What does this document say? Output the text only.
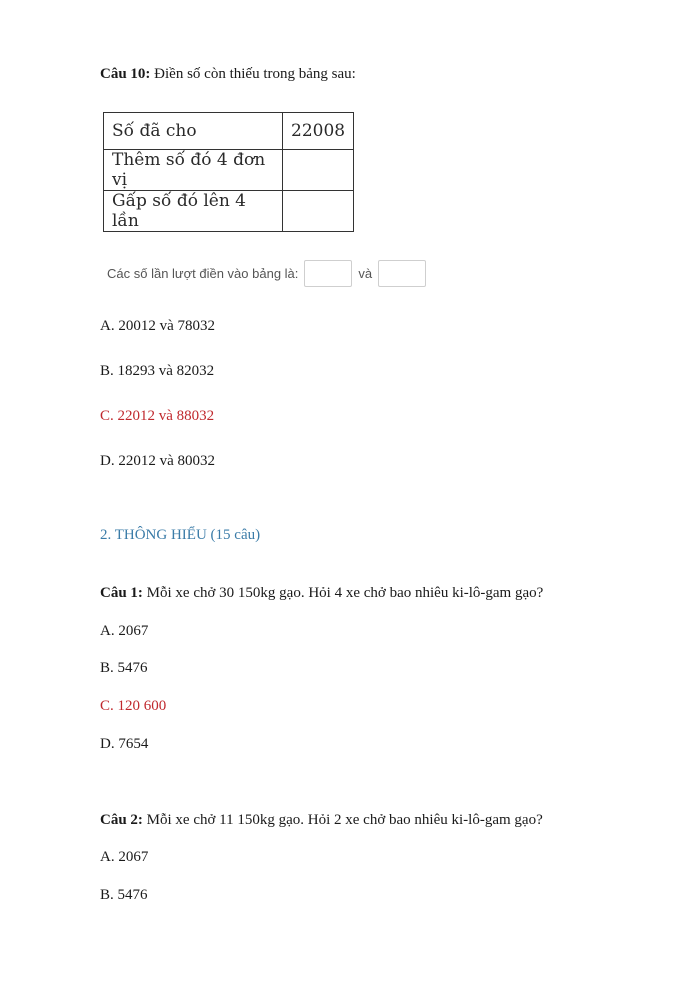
Câu 10: Điền số còn thiếu trong bảng sau:
Số đã cho	22008
Thêm số đó 4 đơn vị	
Gấp số đó lên 4 lần	
Các số lần lượt điền vào bảng là:	và
A. 20012 và 78032
B. 18293 và 82032
C. 22012 và 88032
D. 22012 và 80032
2. THÔNG HIỂU (15 câu)
Câu 1: Mỗi xe chở 30 150kg gạo. Hỏi 4 xe chở bao nhiêu ki-lô-gam gạo?
A. 2067
B. 5476
C. 120 600
D. 7654
Câu 2: Mỗi xe chở 11 150kg gạo. Hỏi 2 xe chở bao nhiêu ki-lô-gam gạo?
A. 2067
B. 5476
